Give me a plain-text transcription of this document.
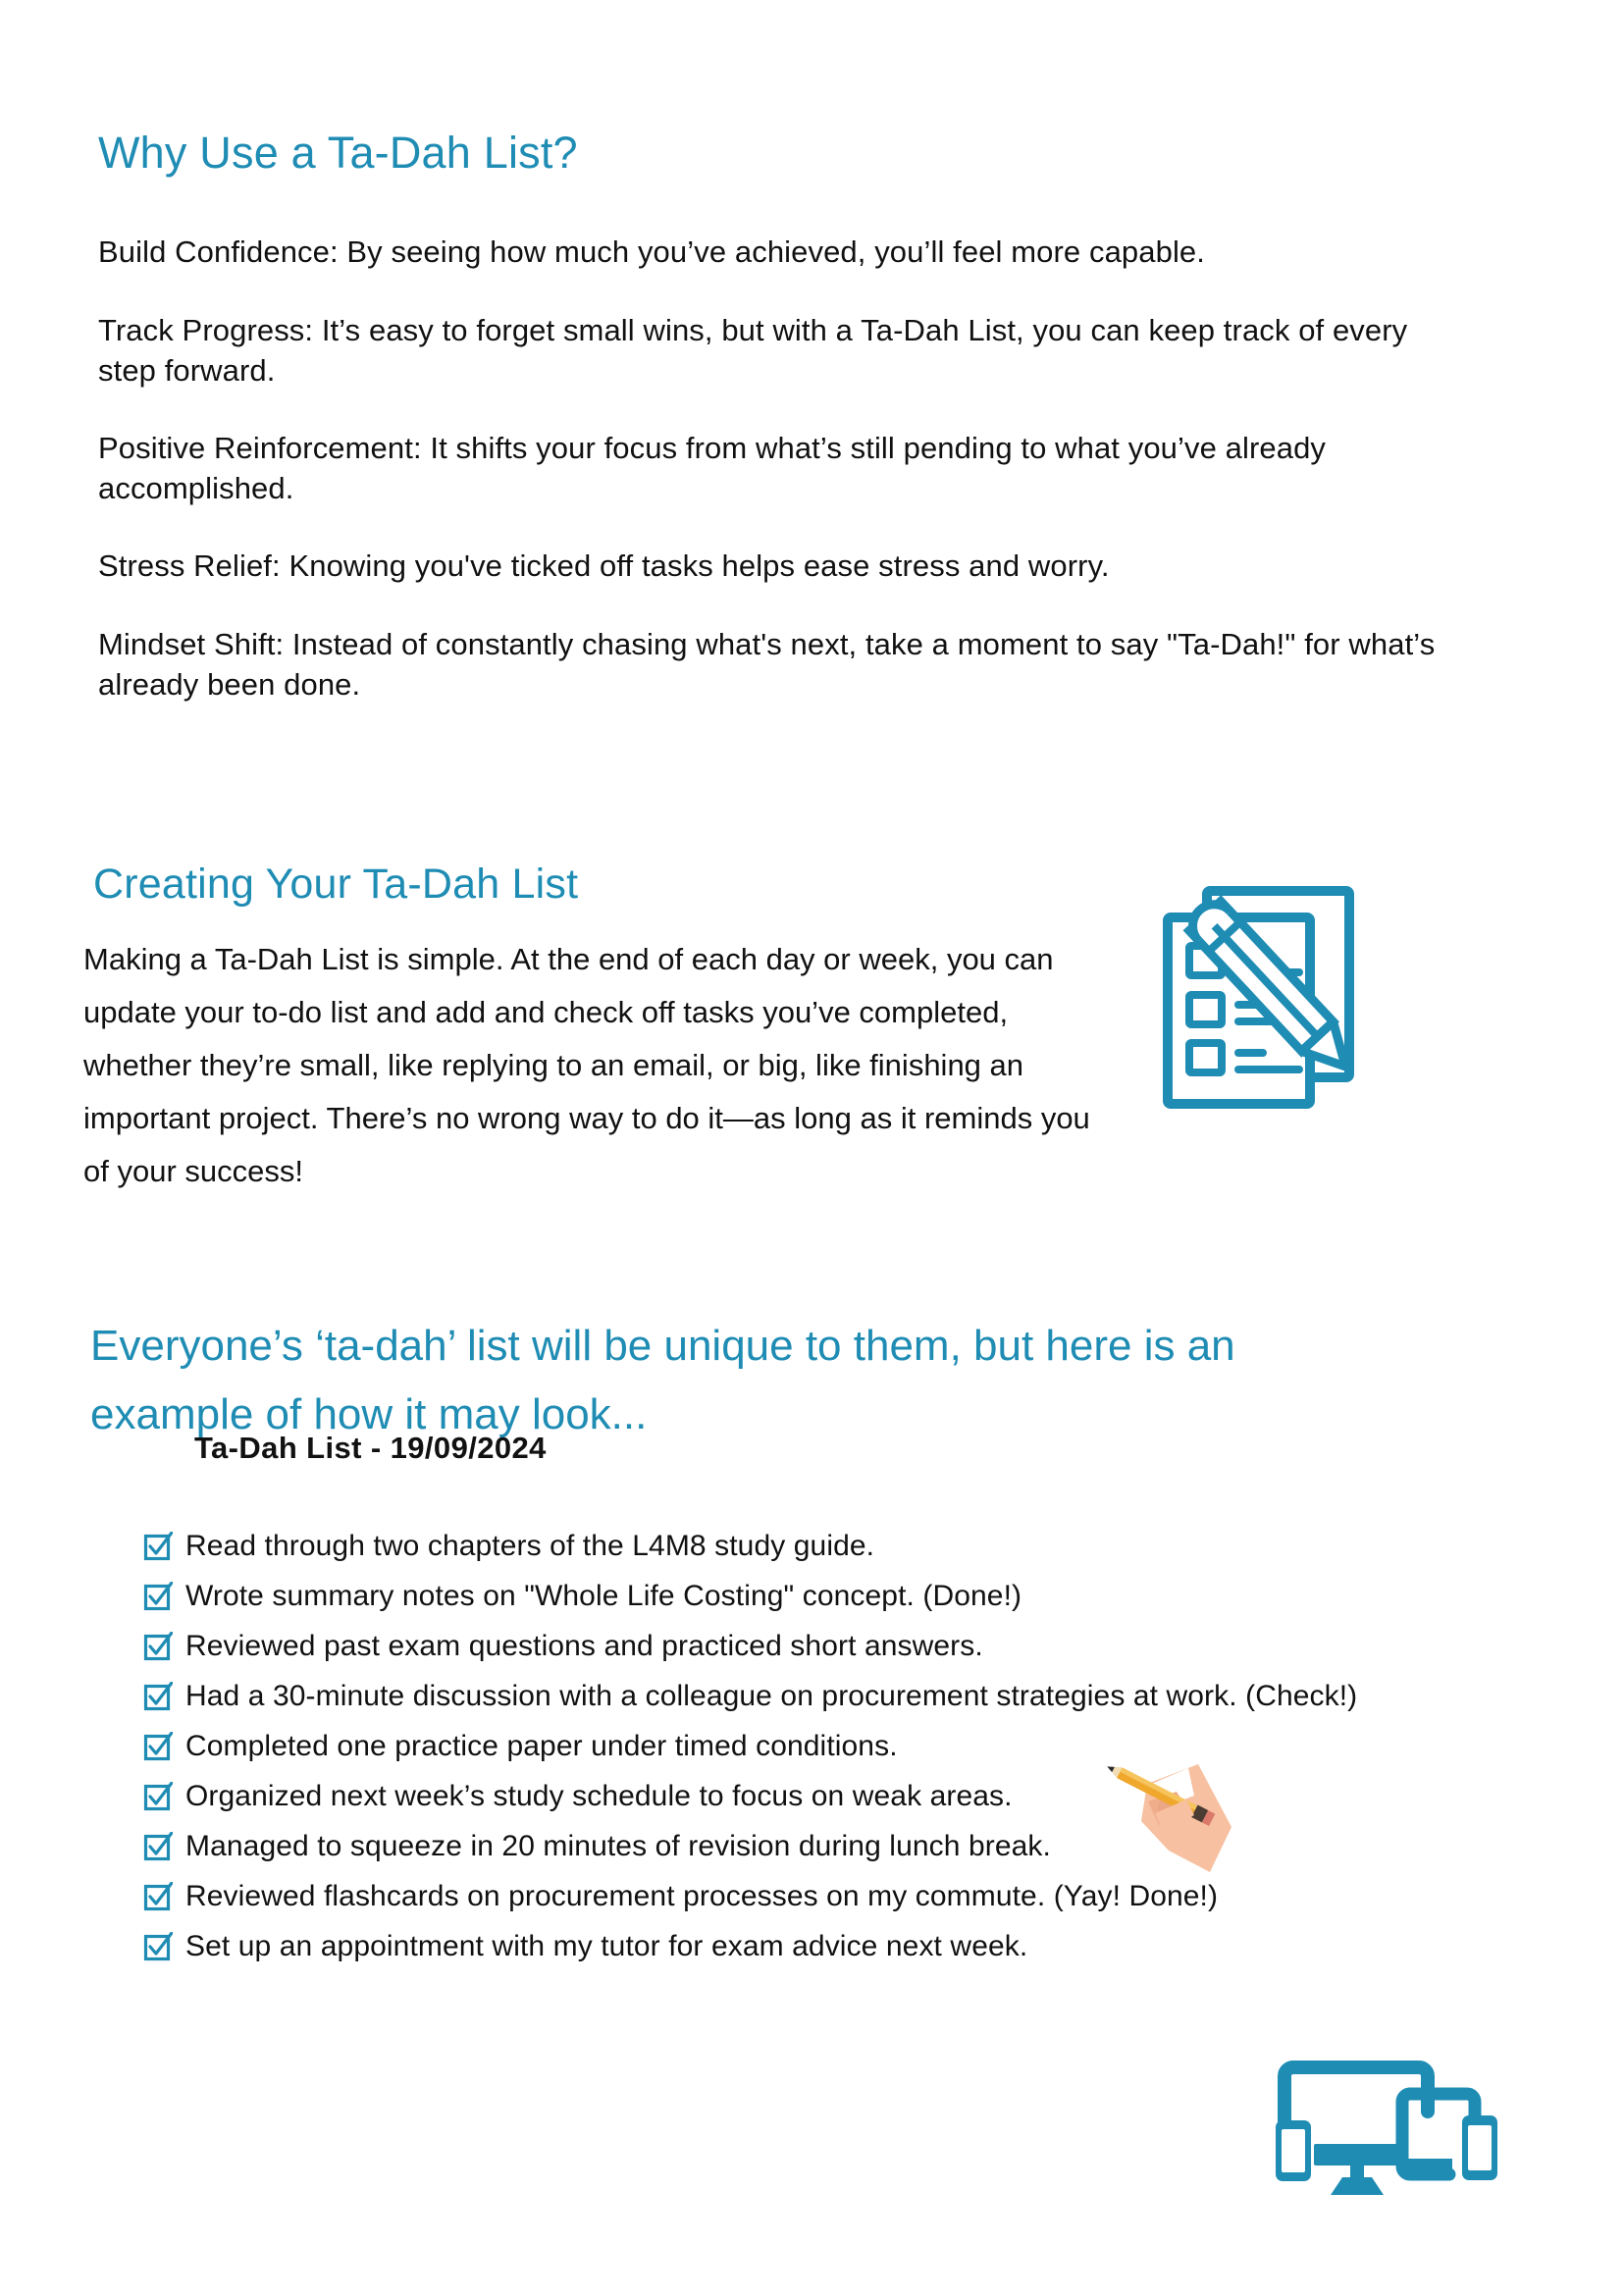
Why Use a Ta-Dah List?

Build Confidence: By seeing how much you’ve achieved, you’ll feel more capable.

Track Progress: It’s easy to forget small wins, but with a Ta-Dah List, you can keep track of every step forward.

Positive Reinforcement: It shifts your focus from what’s still pending to what you’ve already accomplished.

Stress Relief: Knowing you've ticked off tasks helps ease stress and worry.

Mindset Shift: Instead of constantly chasing what's next, take a moment to say "Ta-Dah!" for what’s already been done.

Creating Your Ta-Dah List

Making a Ta-Dah List is simple. At the end of each day or week, you can update your to-do list and add and check off tasks you’ve completed, whether they’re small, like replying to an email, or big, like finishing an important project. There’s no wrong way to do it—as long as it reminds you of your success!

Everyone’s ‘ta-dah’ list will be unique to them, but here is an example of how it may look...
Ta-Dah List - 19/09/2024
Read through two chapters of the L4M8 study guide.
Wrote summary notes on "Whole Life Costing" concept. (Done!)
Reviewed past exam questions and practiced short answers.
Had a 30-minute discussion with a colleague on procurement strategies at work. (Check!)
Completed one practice paper under timed conditions.
Organized next week’s study schedule to focus on weak areas.
Managed to squeeze in 20 minutes of revision during lunch break.
Reviewed flashcards on procurement processes on my commute. (Yay! Done!)
Set up an appointment with my tutor for exam advice next week.
